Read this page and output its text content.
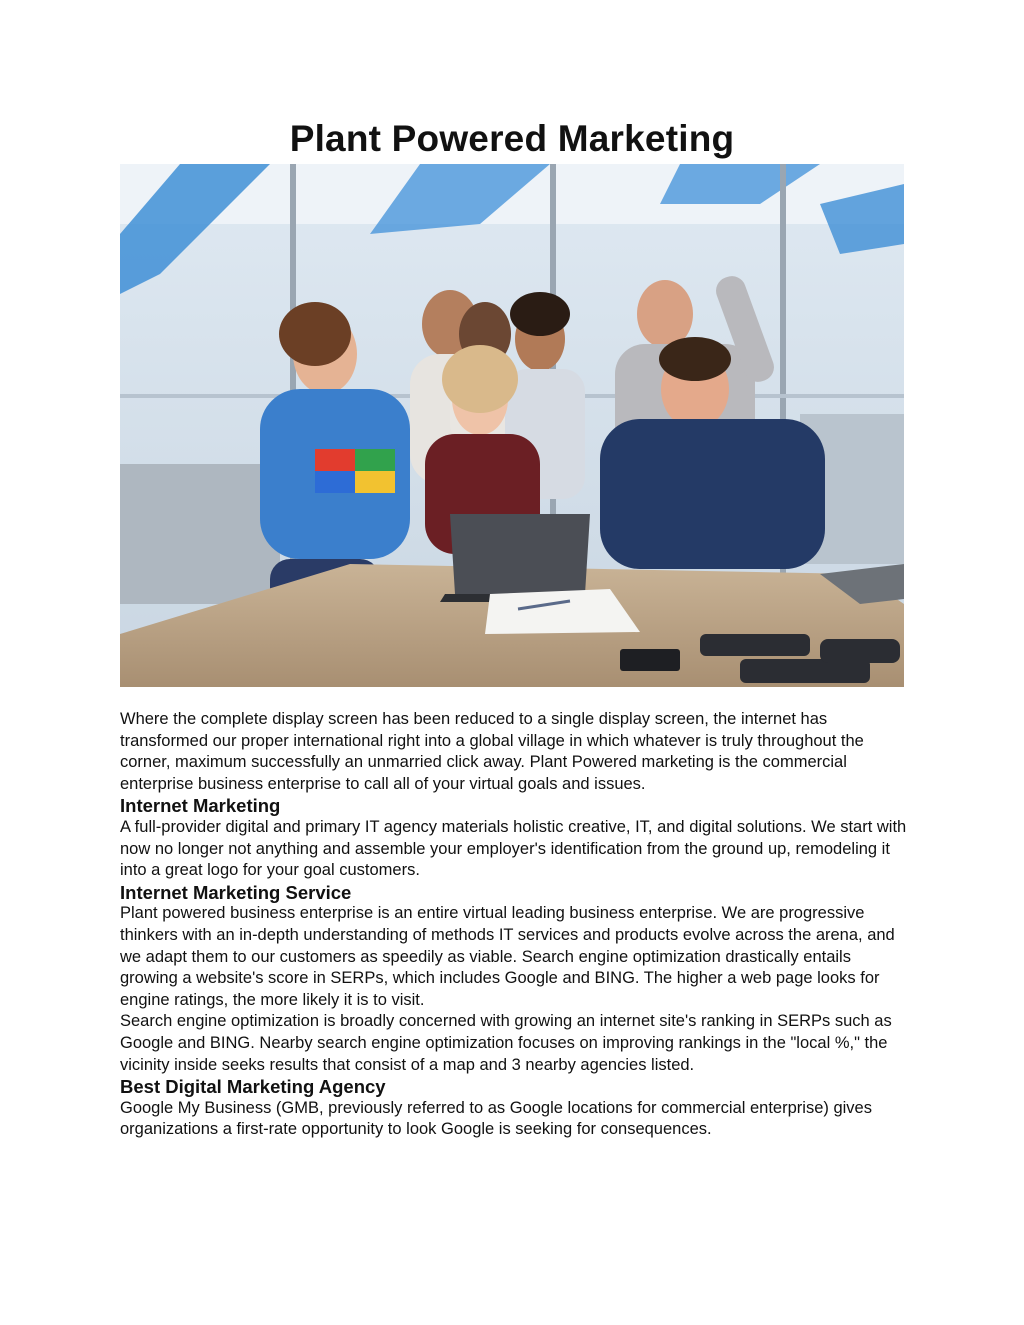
Plant Powered Marketing

Where the complete display screen has been reduced to a single display screen, the internet has transformed our proper international right into a global village in which whatever is truly throughout the corner, maximum successfully an unmarried click away. Plant Powered marketing is the commercial enterprise business enterprise to call all of your virtual goals and issues.

Internet Marketing

A full-provider digital and primary IT agency materials holistic creative, IT, and digital solutions. We start with now no longer not anything and assemble your employer's identification from the ground up, remodeling it into a great logo for your goal customers.

Internet Marketing Service

Plant powered business enterprise is an entire virtual leading business enterprise. We are progressive thinkers with an in-depth understanding of methods IT services and products evolve across the arena, and we adapt them to our customers as speedily as viable. Search engine optimization drastically entails growing a website's score in SERPs, which includes Google and BING. The higher a web page looks for engine ratings, the more likely it is to visit.

Search engine optimization is broadly concerned with growing an internet site's ranking in SERPs such as Google and BING. Nearby search engine optimization focuses on improving rankings in the "local %," the vicinity inside seeks results that consist of a map and 3 nearby agencies listed.

Best Digital Marketing Agency

Google My Business (GMB, previously referred to as Google locations for commercial enterprise) gives organizations a first-rate opportunity to look Google is seeking for consequences.
